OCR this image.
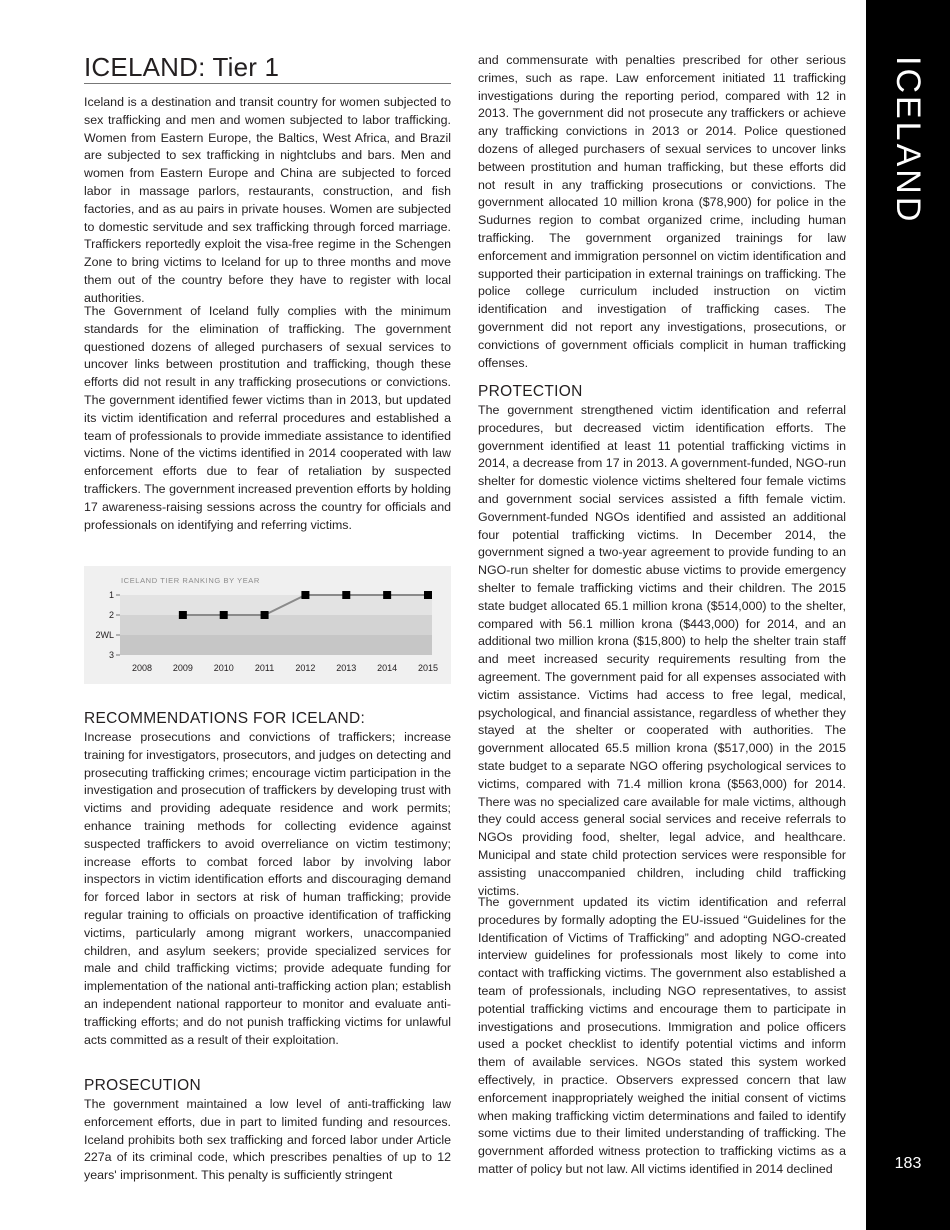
ICELAND: Tier 1

Iceland is a destination and transit country for women subjected to sex trafficking and men and women subjected to labor trafficking. Women from Eastern Europe, the Baltics, West Africa, and Brazil are subjected to sex trafficking in nightclubs and bars. Men and women from Eastern Europe and China are subjected to forced labor in massage parlors, restaurants, construction, and fish factories, and as au pairs in private houses. Women are subjected to domestic servitude and sex trafficking through forced marriage. Traffickers reportedly exploit the visa-free regime in the Schengen Zone to bring victims to Iceland for up to three months and move them out of the country before they have to register with local authorities.

The Government of Iceland fully complies with the minimum standards for the elimination of trafficking. The government questioned dozens of alleged purchasers of sexual services to uncover links between prostitution and trafficking, though these efforts did not result in any trafficking prosecutions or convictions. The government identified fewer victims than in 2013, but updated its victim identification and referral procedures and established a team of professionals to provide immediate assistance to identified victims. None of the victims identified in 2014 cooperated with law enforcement efforts due to fear of retaliation by suspected traffickers. The government increased prevention efforts by holding 17 awareness-raising sessions across the country for officials and professionals on identifying and referring victims.

ICELAND TIER RANKING BY YEAR
1
2
2WL
3
2008 2009 2010 2011 2012 2013 2014 2015
RECOMMENDATIONS FOR ICELAND:

Increase prosecutions and convictions of traffickers; increase training for investigators, prosecutors, and judges on detecting and prosecuting trafficking crimes; encourage victim participation in the investigation and prosecution of traffickers by developing trust with victims and providing adequate residence and work permits; enhance training methods for collecting evidence against suspected traffickers to avoid overreliance on victim testimony; increase efforts to combat forced labor by involving labor inspectors in victim identification efforts and discouraging demand for forced labor in sectors at risk of human trafficking; provide regular training to officials on proactive identification of trafficking victims, particularly among migrant workers, unaccompanied children, and asylum seekers; provide specialized services for male and child trafficking victims; provide adequate funding for implementation of the national anti-trafficking action plan; establish an independent national rapporteur to monitor and evaluate anti-trafficking efforts; and do not punish trafficking victims for unlawful acts committed as a result of their exploitation.

PROSECUTION

The government maintained a low level of anti-trafficking law enforcement efforts, due in part to limited funding and resources. Iceland prohibits both sex trafficking and forced labor under Article 227a of its criminal code, which prescribes penalties of up to 12 years' imprisonment. This penalty is sufficiently stringent

and commensurate with penalties prescribed for other serious crimes, such as rape. Law enforcement initiated 11 trafficking investigations during the reporting period, compared with 12 in 2013. The government did not prosecute any traffickers or achieve any trafficking convictions in 2013 or 2014. Police questioned dozens of alleged purchasers of sexual services to uncover links between prostitution and human trafficking, but these efforts did not result in any trafficking prosecutions or convictions. The government allocated 10 million krona ($78,900) for police in the Sudurnes region to combat organized crime, including human trafficking. The government organized trainings for law enforcement and immigration personnel on victim identification and supported their participation in external trainings on trafficking. The police college curriculum included instruction on victim identification and investigation of trafficking cases. The government did not report any investigations, prosecutions, or convictions of government officials complicit in human trafficking offenses.

PROTECTION

The government strengthened victim identification and referral procedures, but decreased victim identification efforts. The government identified at least 11 potential trafficking victims in 2014, a decrease from 17 in 2013. A government-funded, NGO-run shelter for domestic violence victims sheltered four female victims and government social services assisted a fifth female victim. Government-funded NGOs identified and assisted an additional four potential trafficking victims. In December 2014, the government signed a two-year agreement to provide funding to an NGO-run shelter for domestic abuse victims to provide emergency shelter to female trafficking victims and their children. The 2015 state budget allocated 65.1 million krona ($514,000) to the shelter, compared with 56.1 million krona ($443,000) for 2014, and an additional two million krona ($15,800) to help the shelter train staff and meet increased security requirements resulting from the agreement. The government paid for all expenses associated with victim assistance. Victims had access to free legal, medical, psychological, and financial assistance, regardless of whether they stayed at the shelter or cooperated with authorities. The government allocated 65.5 million krona ($517,000) in the 2015 state budget to a separate NGO offering psychological services to victims, compared with 71.4 million krona ($563,000) for 2014. There was no specialized care available for male victims, although they could access general social services and receive referrals to NGOs providing food, shelter, legal advice, and healthcare. Municipal and state child protection services were responsible for assisting unaccompanied children, including child trafficking victims.

The government updated its victim identification and referral procedures by formally adopting the EU-issued “Guidelines for the Identification of Victims of Trafficking” and adopting NGO-created interview guidelines for professionals most likely to come into contact with trafficking victims. The government also established a team of professionals, including NGO representatives, to assist potential trafficking victims and encourage them to participate in investigations and prosecutions. Immigration and police officers used a pocket checklist to identify potential victims and inform them of available services. NGOs stated this system worked effectively, in practice. Observers expressed concern that law enforcement inappropriately weighed the initial consent of victims when making trafficking victim determinations and failed to identify some victims due to their limited understanding of trafficking. The government afforded witness protection to trafficking victims as a matter of policy but not law. All victims identified in 2014 declined

ICELAND
183
